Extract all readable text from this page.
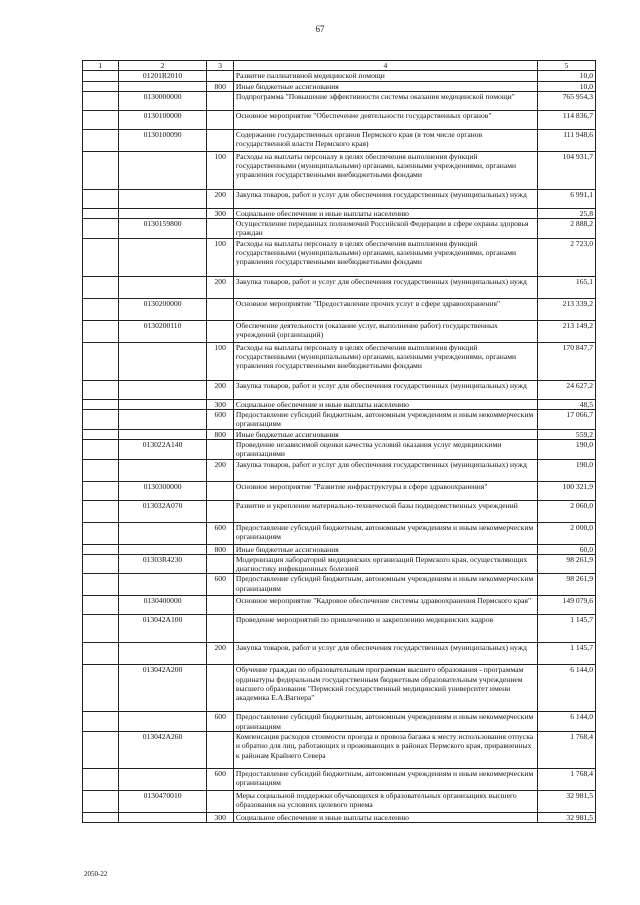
67
1	2	3	4	5
	01201R2010		Развитие паллиативной медицинской помощи	10,0
		800	Иные бюджетные ассигнования	10,0
	0130000000		Подпрограмма "Повышение эффективности системы оказания медицинской помощи"	765 954,3
	0130100000		Основное мероприятие "Обеспечение деятельности государственных органов"	114 836,7
	0130100090		Содержание государственных органов Пермского края (в том числе органов государственной власти Пермского края)	111 948,6
		100	Расходы на выплаты персоналу в целях обеспечения выполнения функций государственными (муниципальными) органами, казенными учреждениями, органами управления государственными внебюджетными фондами	104 931,7
		200	Закупка товаров, работ и услуг для обеспечения государственных (муниципальных) нужд	6 991,1
		300	Социальное обеспечение и иные выплаты населению	25,8
	0130159800		Осуществление переданных полномочий Российской Федерации в сфере охраны здоровья граждан	2 888,2
		100	Расходы на выплаты персоналу в целях обеспечения выполнения функций государственными (муниципальными) органами, казенными учреждениями, органами управления государственными внебюджетными фондами	2 723,0
		200	Закупка товаров, работ и услуг для обеспечения государственных (муниципальных) нужд	165,1
	0130200000		Основное мероприятие "Предоставление прочих услуг в сфере здравоохранения"	213 339,2
	0130200110		Обеспечение деятельности (оказание услуг, выполнение работ) государственных учреждений (организаций)	213 149,2
		100	Расходы на выплаты персоналу в целях обеспечения выполнения функций государственными (муниципальными) органами, казенными учреждениями, органами управления государственными внебюджетными фондами	170 847,7
		200	Закупка товаров, работ и услуг для обеспечения государственных (муниципальных) нужд	24 627,2
		300	Социальное обеспечение и иные выплаты населению	48,5
		600	Предоставление субсидий бюджетным, автономным учреждениям и иным некоммерческим организациям	17 066,7
		800	Иные бюджетные ассигнования	559,2
	013022А140		Проведение независимой оценки качества условий оказания услуг медицинскими организациями	190,0
		200	Закупка товаров, работ и услуг для обеспечения государственных (муниципальных) нужд	190,0
	0130300000		Основное мероприятие "Развитие инфраструктуры в сфере здравоохранения"	100 321,9
	013032А070		Развитие и укрепление материально-технической базы подведомственных учреждений	2 060,0
		600	Предоставление субсидий бюджетным, автономным учреждениям и иным некоммерческим организациям	2 000,0
		800	Иные бюджетные ассигнования	60,0
	01303R4230		Модернизация лабораторий медицинских организаций Пермского края, осуществляющих диагностику инфекционных болезней	98 261,9
		600	Предоставление субсидий бюджетным, автономным учреждениям и иным некоммерческим организациям	98 261,9
	0130400000		Основное мероприятие "Кадровое обеспечение системы здравоохранения Пермского края"	149 079,6
	013042А100		Проведение мероприятий по привлечению и закреплению медицинских кадров	1 145,7
		200	Закупка товаров, работ и услуг для обеспечения государственных (муниципальных) нужд	1 145,7
	013042А200		Обучение граждан по образовательным программам высшего образования - программам ординатуры федеральным государственным бюджетным образовательным учреждением высшего образования "Пермский государственный медицинский университет имени академика Е.А.Вагнера"	6 144,0
		600	Предоставление субсидий бюджетным, автономным учреждениям и иным некоммерческим организациям	6 144,0
	013042А260		Компенсация расходов стоимости проезда и провоза багажа к месту использования отпуска и обратно для лиц, работающих и проживающих в районах Пермского края, приравненных к районам Крайнего Севера	1 768,4
		600	Предоставление субсидий бюджетным, автономным учреждениям и иным некоммерческим организациям	1 768,4
	0130470010		Меры социальной поддержки обучающихся в образовательных организациях высшего образования на условиях целевого приема	32 981,5
		300	Социальное обеспечение и иные выплаты населению	32 981,5
2050-22
